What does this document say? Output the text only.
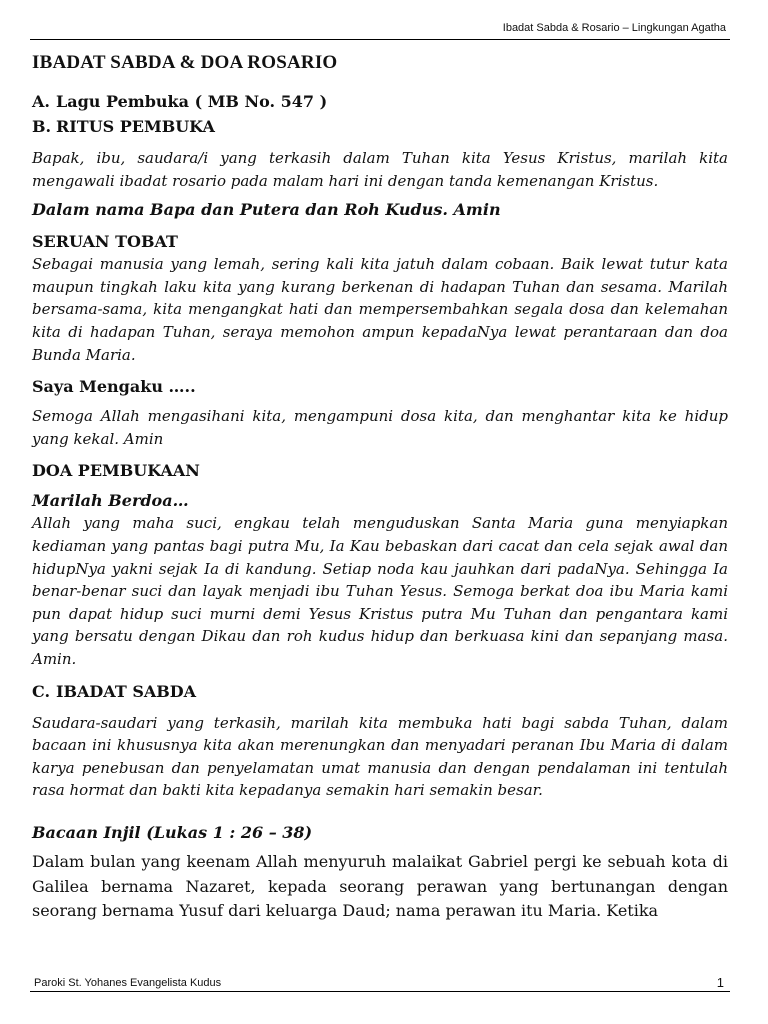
Ibadat Sabda & Rosario – Lingkungan Agatha
IBADAT SABDA & DOA ROSARIO

A. Lagu Pembuka ( MB No. 547 )

B. RITUS PEMBUKA

Bapak, ibu, saudara/i yang terkasih dalam Tuhan kita Yesus Kristus, marilah kita mengawali ibadat rosario pada malam hari ini dengan tanda kemenangan Kristus.

Dalam nama Bapa dan Putera dan Roh Kudus. Amin

SERUAN TOBAT

Sebagai manusia yang lemah, sering kali kita jatuh dalam cobaan. Baik lewat tutur kata maupun tingkah laku kita yang kurang berkenan di hadapan Tuhan dan sesama. Marilah bersama-sama, kita mengangkat hati dan mempersembahkan segala dosa dan kelemahan kita di hadapan Tuhan, seraya memohon ampun kepadaNya lewat perantaraan dan doa Bunda Maria.

Saya Mengaku …..

Semoga Allah mengasihani kita, mengampuni dosa kita, dan menghantar kita ke hidup yang kekal. Amin

DOA PEMBUKAAN

Marilah Berdoa…

Allah yang maha suci, engkau telah menguduskan Santa Maria guna menyiapkan kediaman yang pantas bagi putra Mu, Ia Kau bebaskan dari cacat dan cela sejak awal dan hidupNya yakni sejak Ia di kandung. Setiap noda kau jauhkan dari padaNya. Sehingga Ia benar-benar suci dan layak menjadi ibu Tuhan Yesus. Semoga berkat doa ibu Maria kami pun dapat hidup suci murni demi Yesus Kristus putra Mu Tuhan dan pengantara kami yang bersatu dengan Dikau dan roh kudus hidup dan berkuasa kini dan sepanjang masa. Amin.

C. IBADAT SABDA

Saudara-saudari yang terkasih, marilah kita membuka hati bagi sabda Tuhan, dalam bacaan ini khususnya kita akan merenungkan dan menyadari peranan Ibu Maria di dalam karya penebusan dan penyelamatan umat manusia dan dengan pendalaman ini tentulah rasa hormat dan bakti kita kepadanya semakin hari semakin besar.

Bacaan Injil (Lukas 1 : 26 – 38)

Dalam bulan yang keenam Allah menyuruh malaikat Gabriel pergi ke sebuah kota di Galilea bernama Nazaret, kepada seorang perawan yang bertunangan dengan seorang bernama Yusuf dari keluarga Daud; nama perawan itu Maria. Ketika

Paroki St. Yohanes Evangelista Kudus	1
